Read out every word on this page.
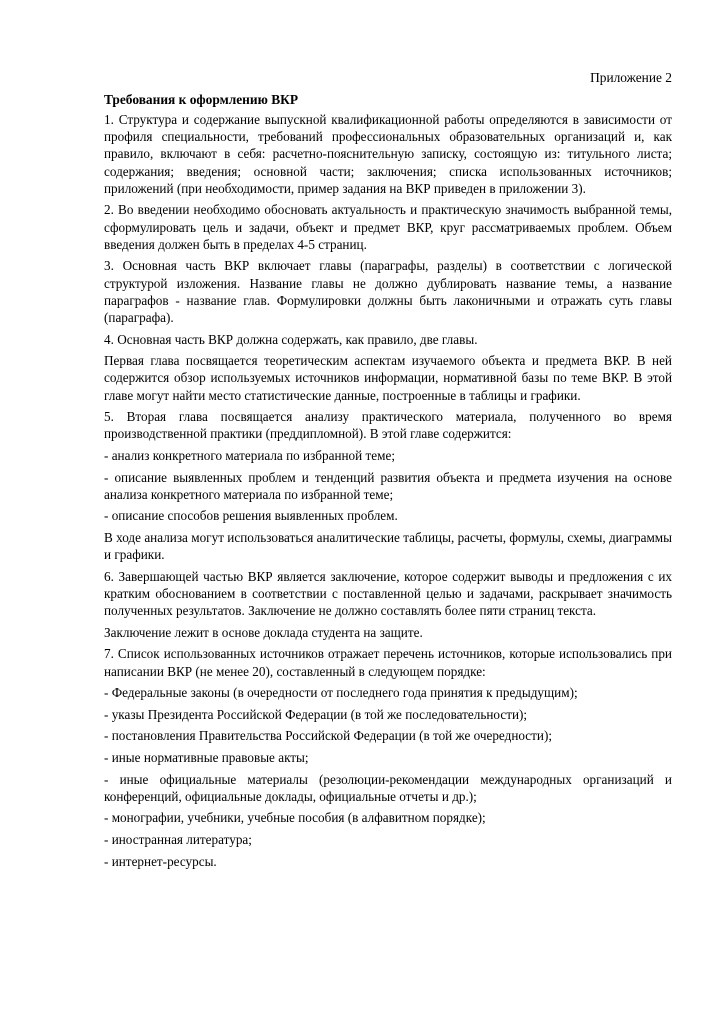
Приложение 2

Требования к оформлению ВКР

1. Структура и содержание выпускной квалификационной работы определяются в зависимости от профиля специальности, требований профессиональных образовательных организаций и, как правило, включают в себя: расчетно-пояснительную записку, состоящую из: титульного листа; содержания; введения; основной части; заключения; списка использованных источников; приложений (при необходимости, пример задания на ВКР приведен в приложении 3).

2. Во введении необходимо обосновать актуальность и практическую значимость выбранной темы, сформулировать цель и задачи, объект и предмет ВКР, круг рассматриваемых проблем. Объем введения должен быть в пределах 4-5 страниц.

3. Основная часть ВКР включает главы (параграфы, разделы) в соответствии с логической структурой изложения. Название главы не должно дублировать название темы, а название параграфов - название глав. Формулировки должны быть лаконичными и отражать суть главы (параграфа).

4. Основная часть ВКР должна содержать, как правило, две главы.

Первая глава посвящается теоретическим аспектам изучаемого объекта и предмета ВКР. В ней содержится обзор используемых источников информации, нормативной базы по теме ВКР. В этой главе могут найти место статистические данные, построенные в таблицы и графики.

5. Вторая глава посвящается анализу практического материала, полученного во время производственной практики (преддипломной). В этой главе содержится:

- анализ конкретного материала по избранной теме;

- описание выявленных проблем и тенденций развития объекта и предмета изучения на основе анализа конкретного материала по избранной теме;

- описание способов решения выявленных проблем.

В ходе анализа могут использоваться аналитические таблицы, расчеты, формулы, схемы, диаграммы и графики.

6. Завершающей частью ВКР является заключение, которое содержит выводы и предложения с их кратким обоснованием в соответствии с поставленной целью и задачами, раскрывает значимость полученных результатов. Заключение не должно составлять более пяти страниц текста.

Заключение лежит в основе доклада студента на защите.

7. Список использованных источников отражает перечень источников, которые использовались при написании ВКР (не менее 20), составленный в следующем порядке:

- Федеральные законы (в очередности от последнего года принятия к предыдущим);

- указы Президента Российской Федерации (в той же последовательности);

- постановления Правительства Российской Федерации (в той же очередности);

- иные нормативные правовые акты;

- иные официальные материалы (резолюции-рекомендации международных организаций и конференций, официальные доклады, официальные отчеты и др.);

- монографии, учебники, учебные пособия (в алфавитном порядке);

- иностранная литература;

- интернет-ресурсы.
